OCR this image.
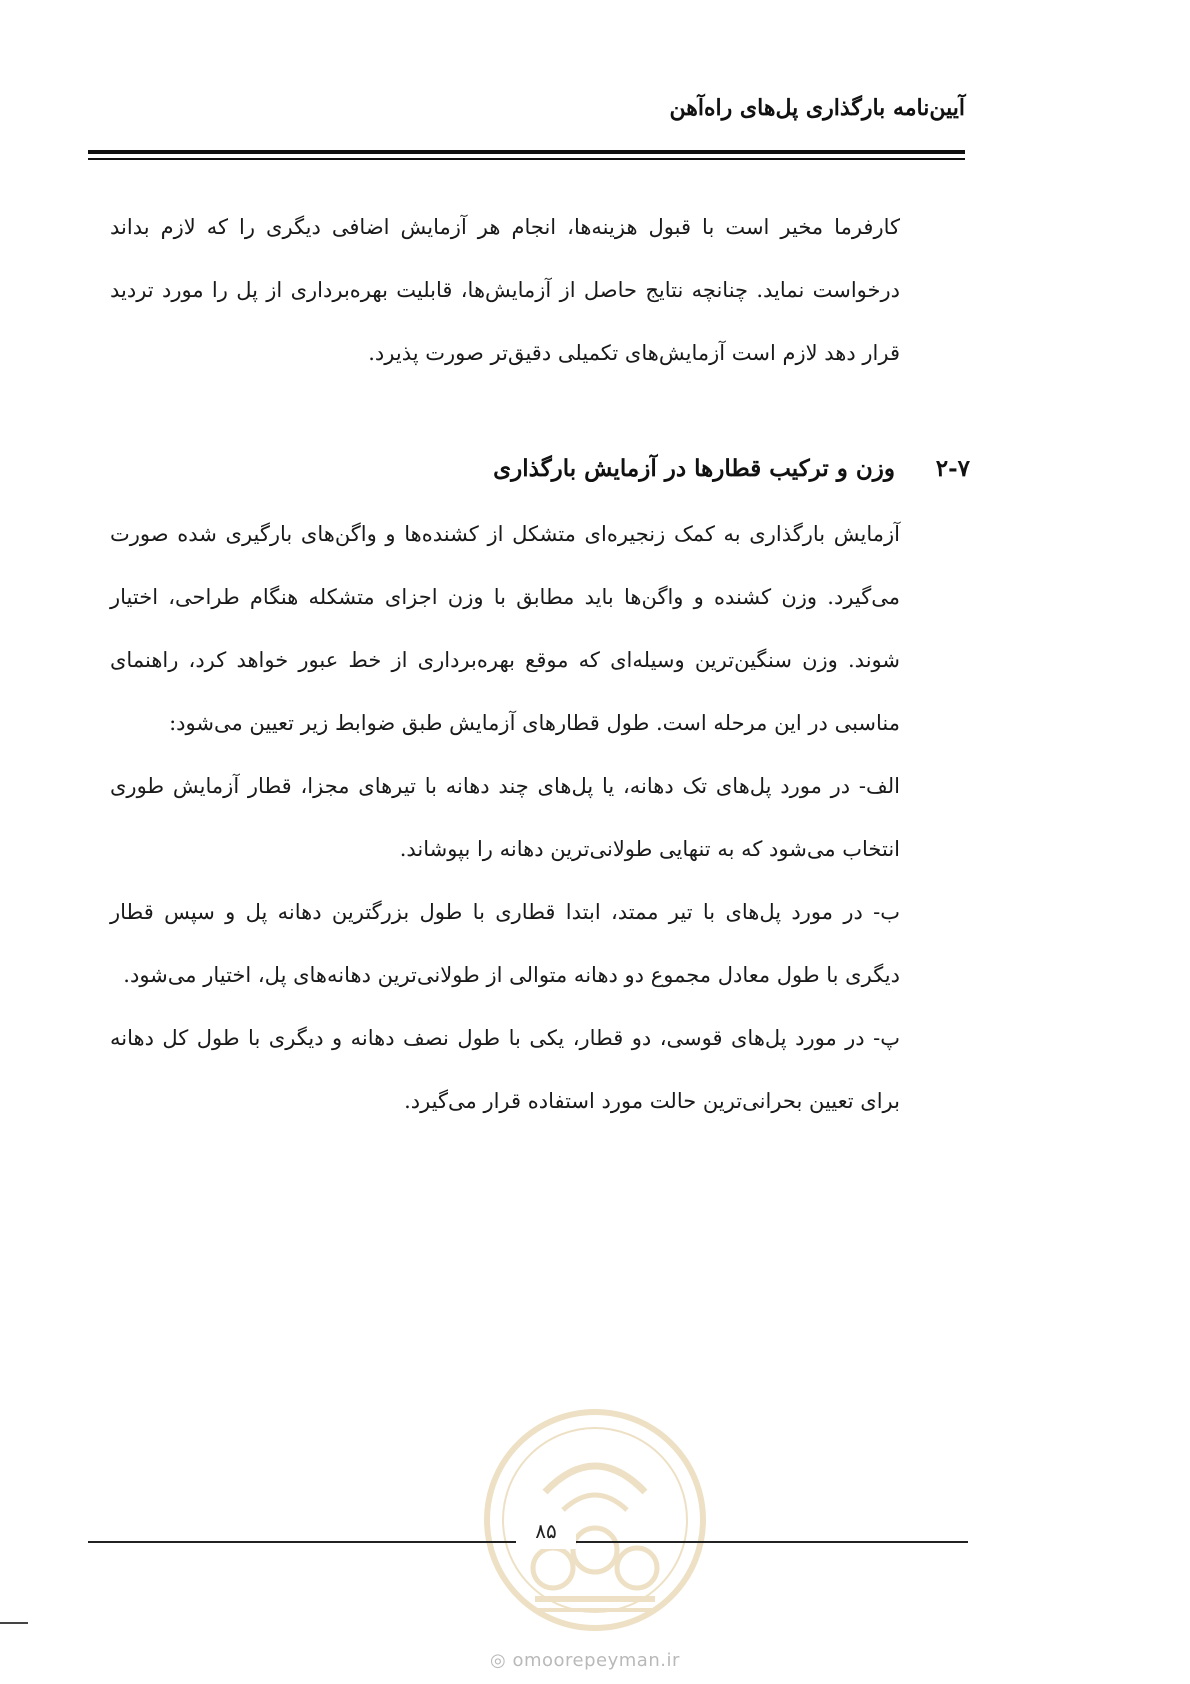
آیین‌نامه بارگذاری پل‌های راه‌آهن

کارفرما مخیر است با قبول هزینه‌ها، انجام هر آزمایش اضافی دیگری را که لازم بداند درخواست نماید. چنانچه نتایج حاصل از آزمایش‌ها، قابلیت بهره‌برداری از پل را مورد تردید قرار دهد لازم است آزمایش‌های تکمیلی دقیق‌تر صورت پذیرد.

۲-۷
وزن و ترکیب قطارها در آزمایش بارگذاری

آزمایش بارگذاری به کمک زنجیره‌ای متشکل از کشنده‌ها و واگن‌های بارگیری شده صورت می‌گیرد. وزن کشنده و واگن‌ها باید مطابق با وزن اجزای متشکله هنگام طراحی، اختیار شوند. وزن سنگین‌ترین وسیله‌ای که موقع بهره‌برداری از خط عبور خواهد کرد، راهنمای مناسبی در این مرحله است. طول قطارهای آزمایش طبق ضوابط زیر تعیین می‌شود:

الف- در مورد پل‌های تک دهانه، یا پل‌های چند دهانه با تیرهای مجزا، قطار آزمایش طوری انتخاب می‌شود که به تنهایی طولانی‌ترین دهانه را بپوشاند.

ب- در مورد پل‌های با تیر ممتد، ابتدا قطاری با طول بزرگترین دهانه پل و سپس قطار دیگری با طول معادل مجموع دو دهانه متوالی از طولانی‌ترین دهانه‌های پل، اختیار می‌شود.

پ- در مورد پل‌های قوسی، دو قطار، یکی با طول نصف دهانه و دیگری با طول کل دهانه برای تعیین بحرانی‌ترین حالت مورد استفاده قرار می‌گیرد.

۸۵
◎ omoorepeyman.ir
